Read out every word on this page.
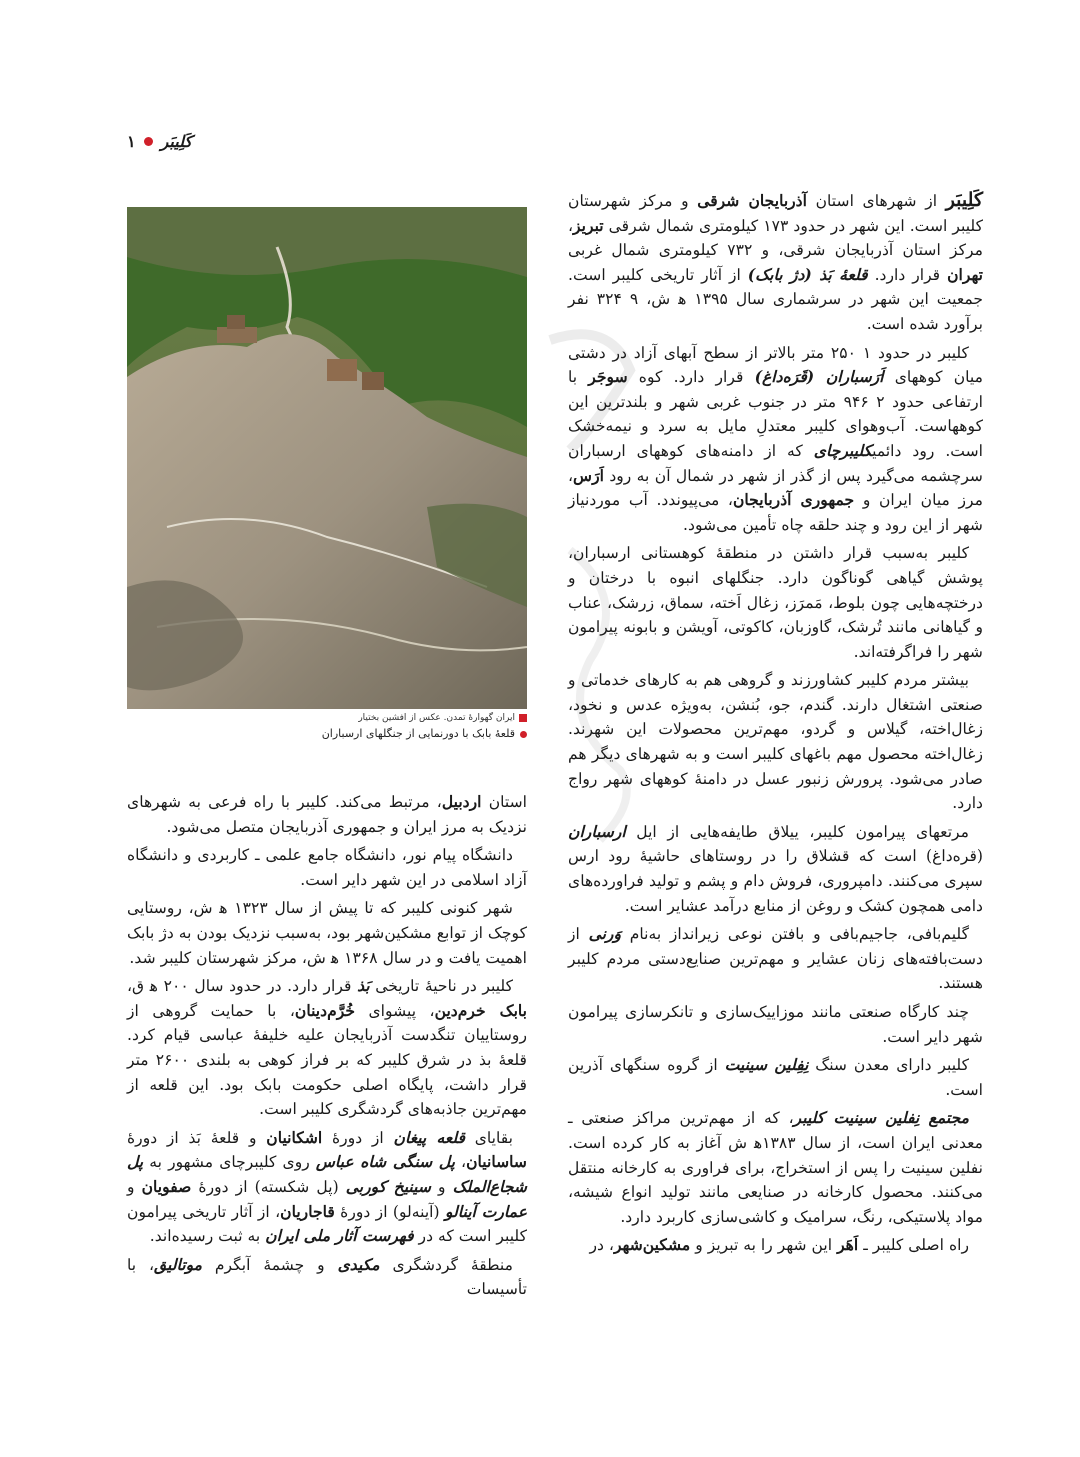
۱ کَلِیبَر
ایران گهوارهٔ تمدن. عکس از افشین بختیار
قلعهٔ بابک با دورنمایی از جنگلهای ارسباران

کَلِیبَر از شهرهای استان آذربایجان شرقی و مرکز شهرستان کلیبر است. این شهر در حدود ۱۷۳ کیلومتری شمال شرقی تبریز، مرکز استان آذربایجان شرقی، و ۷۳۲ کیلومتری شمال غربی تهران قرار دارد. قلعهٔ بَذ (دژ بابک) از آثار تاریخی کلیبر است. جمعیت این شهر در سرشماری سال ۱۳۹۵ ه‍ ش، ۹ ۳۲۴ نفر برآورد شده است.

کلیبر در حدود ۱ ۲۵۰ متر بالاتر از سطح آبهای آزاد در دشتی میان کوههای اَرَسباران (قَرَه‌داغ) قرار دارد. کوه سوجَر با ارتفاعی حدود ۲ ۹۴۶ متر در جنوب غربی شهر و بلندترین این کوههاست. آب‌وهوای کلیبر معتدلِ مایل به سرد و نیمه‌خشک است. رود دائمیکلیبرچای که از دامنه‌های کوههای ارسباران سرچشمه می‌گیرد پس از گذر از شهر در شمال آن به رود اَرَس، مرز میان ایران و جمهوری آذربایجان، می‌پیوندد. آب موردنیاز شهر از این رود و چند حلقه چاه تأمین می‌شود.

کلیبر به‌سبب قرار داشتن در منطقهٔ کوهستانی ارسباران، پوشش گیاهی گوناگون دارد. جنگلهای انبوه با درختان و درختچه‌هایی چون بلوط، مَمرَز، زغال اَخته، سماق، زرشک، عناب و گیاهانی مانند تُرشک، گاوزبان، کاکوتی، آویشن و بابونه پیرامون شهر را فراگرفته‌اند.

بیشتر مردم کلیبر کشاورزند و گروهی هم به کارهای خدماتی و صنعتی اشتغال دارند. گندم، جو، بُنشن، به‌ویژه عدس و نخود، زغال‌اخته، گیلاس و گردو، مهم‌ترین محصولات این شهرند. زغال‌اخته محصول مهم باغهای کلیبر است و به شهرهای دیگر هم صادر می‌شود. پرورش زنبور عسل در دامنهٔ کوههای شهر رواج دارد.

مرتعهای پیرامون کلیبر، ییلاق طایفه‌هایی از ایل ارسباران (قره‌داغ) است که قشلاق را در روستاهای حاشیهٔ رود ارس سپری می‌کنند. دامپروری، فروش دام و پشم و تولید فراورده‌های دامی همچون کشک و روغن از منابع درآمد عشایر است.

گلیم‌بافی، جاجیم‌بافی و بافتن نوعی زیرانداز به‌نام وَرنی از دست‌بافته‌های زنان عشایر و مهم‌ترین صنایع‌دستی مردم کلیبر هستند.

چند کارگاه صنعتی مانند موزاییک‌سازی و تانکرسازی پیرامون شهر دایر است.

کلیبر دارای معدن سنگ نِفِلین سینیت از گروه سنگهای آذرین است.

مجتمع نِفلین سینیت کلیبر، که از مهم‌ترین مراکز صنعتی ـ معدنی ایران است، از سال ۱۳۸۳ه‍ ش آغاز به کار کرده است. نفلین سینیت را پس از استخراج، برای فراوری به کارخانه منتقل می‌کنند. محصول کارخانه در صنایعی مانند تولید انواع شیشه، مواد پلاستیکی، رنگ، سرامیک و کاشی‌سازی کاربرد دارد.

راه اصلی کلیبر ـ اَهَر این شهر را به تبریز و مشکین‌شهر، در

استان اردبیل، مرتبط می‌کند. کلیبر با راه فرعی به شهرهای نزدیک به مرز ایران و جمهوری آذربایجان متصل می‌شود.

دانشگاه پیام نور، دانشگاه جامع علمی ـ کاربردی و دانشگاه آزاد اسلامی در این شهر دایر است.

شهر کنونی کلیبر که تا پیش از سال ۱۳۲۳ ه‍ ش، روستایی کوچک از توابع مشکین‌شهر بود، به‌سبب نزدیک بودن به دژ بابک اهمیت یافت و در سال ۱۳۶۸ ه‍ ش، مرکز شهرستان کلیبر شد.

کلیبر در ناحیهٔ تاریخی بَذ قرار دارد. در حدود سال ۲۰۰ ه‍ ق، بابک خرم‌دین، پیشوای خُرَّم‌دینان، با حمایت گروهی از روستاییان تنگدست آذربایجان علیه خلیفهٔ عباسی قیام کرد. قلعهٔ بذ در شرق کلیبر که بر فراز کوهی به بلندی ۲۶۰۰ متر قرار داشت، پایگاه اصلی حکومت بابک بود. این قلعه از مهم‌ترین جاذبه‌های گردشگری کلیبر است.

بقایای قلعه پیغان از دورهٔ اشکانیان و قلعهٔ بَذ از دورهٔ ساسانیان، پل سنگی شاه عباس روی کلیبرچای مشهور به پل شجاع‌الملک و سینیخ کوربی (پل شکسته) از دورهٔ صفویان و عمارت آینالو (آینه‌لو) از دورهٔ قاجاریان، از آثار تاریخی پیرامون کلیبر است که در فهرست آثار ملی ایران به ثبت رسیده‌اند.

منطقهٔ گردشگری مکیدی و چشمهٔ آبگرم موتالیق، با تأسیسات
